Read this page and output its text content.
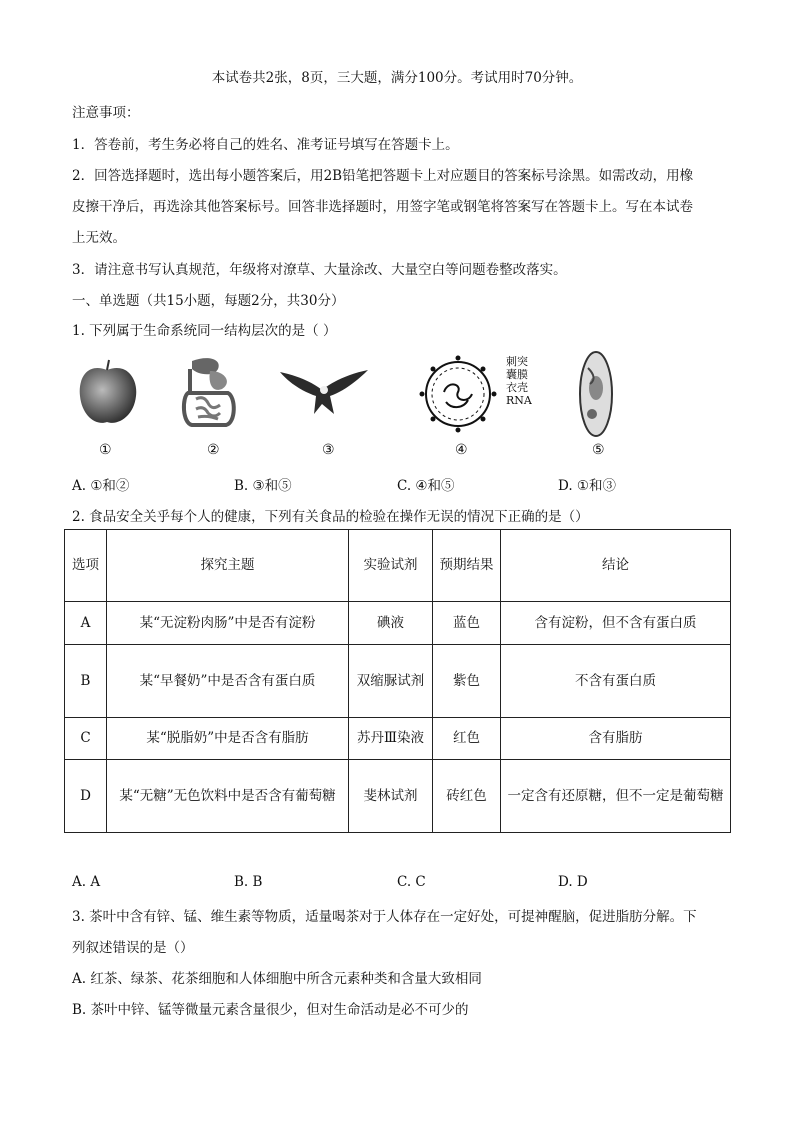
本试卷共2张，8页，三大题，满分100分。考试用时70分钟。
注意事项：
1．答卷前，考生务必将自己的姓名、准考证号填写在答题卡上。
2．回答选择题时，选出每小题答案后，用2B铅笔把答题卡上对应题目的答案标号涂黑。如需改动，用橡
皮擦干净后，再选涂其他答案标号。回答非选择题时，用签字笔或钢笔将答案写在答题卡上。写在本试卷
上无效。
3．请注意书写认真规范，年级将对潦草、大量涂改、大量空白等问题卷整改落实。
一、单选题（共15小题，每题2分，共30分）
1. 下列属于生命系统同一结构层次的是（ ）
刺突
囊膜
衣壳
RNA
①	②	③	④	⑤
A. ①和②	B. ③和⑤	C. ④和⑤	D. ①和③
2. 食品安全关乎每个人的健康，下列有关食品的检验在操作无误的情况下正确的是（）
选项	探究主题	实验试剂	预期结果	结论
A	某“无淀粉肉肠”中是否有淀粉	碘液	蓝色	含有淀粉，但不含有蛋白质
B	某“早餐奶”中是否含有蛋白质	双缩脲试剂	紫色	不含有蛋白质
C	某“脱脂奶”中是否含有脂肪	苏丹Ⅲ染液	红色	含有脂肪
D	某“无糖”无色饮料中是否含有葡萄糖	斐林试剂	砖红色	一定含有还原糖，但不一定是葡萄糖
A. A	B. B	C. C	D. D
3. 茶叶中含有锌、锰、维生素等物质，适量喝茶对于人体存在一定好处，可提神醒脑，促进脂肪分解。下
列叙述错误的是（）
A. 红茶、绿茶、花茶细胞和人体细胞中所含元素种类和含量大致相同
B. 茶叶中锌、锰等微量元素含量很少，但对生命活动是必不可少的
